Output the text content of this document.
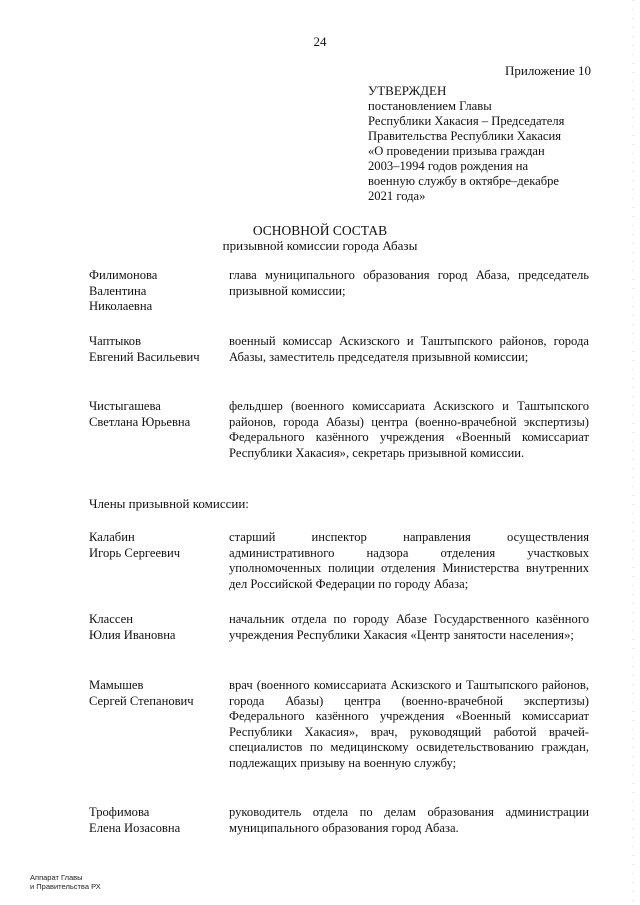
24
Приложение 10
УТВЕРЖДЕН
постановлением Главы
Республики Хакасия – Председателя
Правительства Республики Хакасия
«О проведении призыва граждан
2003–1994 годов рождения на
военную службу в октябре–декабре
2021 года»
ОСНОВНОЙ СОСТАВ
призывной комиссии города Абазы
Филимонова
Валентина
Николаевна
глава муниципального образования город Абаза, председатель призывной комиссии;
Чаптыков
Евгений Васильевич
военный комиссар Аскизского и Таштыпского районов, города Абазы, заместитель председателя призывной комиссии;
Чистыгашева
Светлана Юрьевна
фельдшер (военного комиссариата Аскизского и Таштыпского районов, города Абазы) центра (военно-врачебной экспертизы) Федерального казённого учреждения «Военный комиссариат Республики Хакасия», секретарь призывной комиссии.
Члены призывной комиссии:
Калабин
Игорь Сергеевич
старший инспектор направления осуществления административного надзора отделения участковых уполномоченных полиции отделения Министерства внутренних дел Российской Федерации по городу Абаза;
Классен
Юлия Ивановна
начальник отдела по городу Абазе Государственного казённого учреждения Республики Хакасия «Центр занятости населения»;
Мамышев
Сергей Степанович
врач (военного комиссариата Аскизского и Таштыпского районов, города Абазы) центра (военно-врачебной экспертизы) Федерального казённого учреждения «Военный комиссариат Республики Хакасия», врач, руководящий работой врачей-специалистов по медицинскому освидетельствованию граждан, подлежащих призыву на военную службу;
Трофимова
Елена Иозасовна
руководитель отдела по делам образования администрации муниципального образования город Абаза.
Аппарат Главы
и Правительства РХ
